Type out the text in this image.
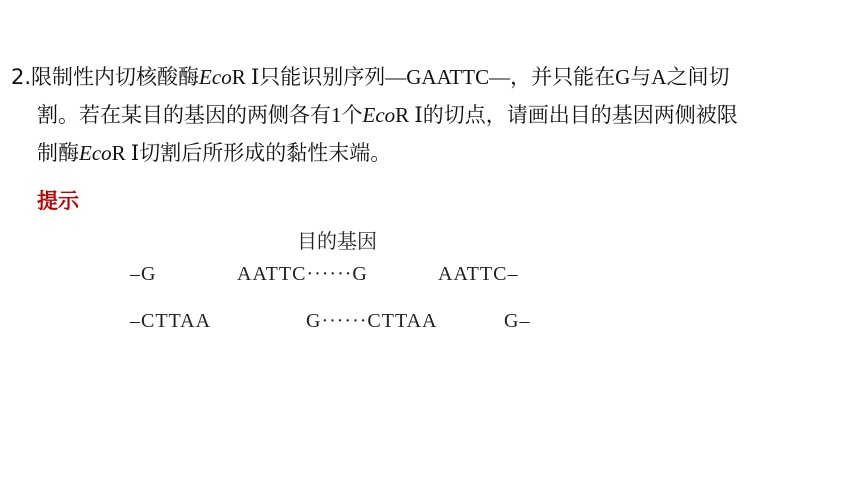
2.限制性内切核酸酶EcoR Ⅰ只能识别序列—GAATTC—，并只能在G与A之间切
割。若在某目的基因的两侧各有1个EcoR Ⅰ的切点，请画出目的基因两侧被限
制酶EcoR Ⅰ切割后所形成的黏性末端。
提示
目的基因
–G	AATTC······G	AATTC–
–CTTAA	G······CTTAA	G–
